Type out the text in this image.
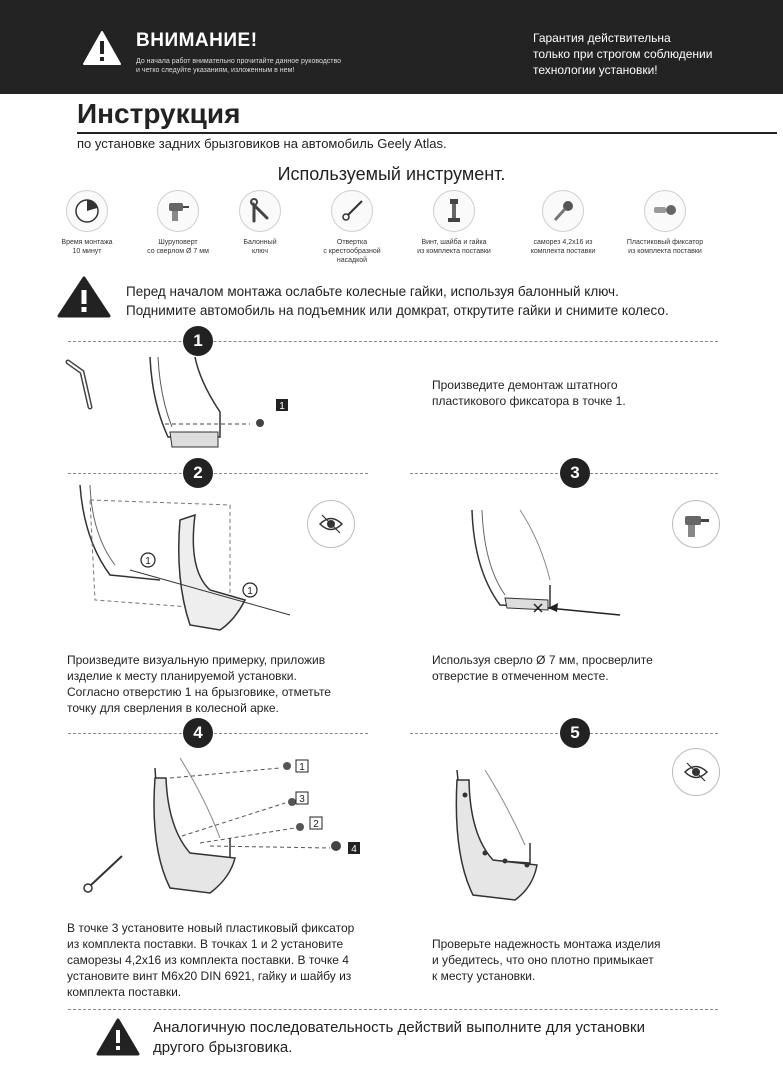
ВНИМАНИЕ!
До начала работ внимательно прочитайте данное руководство
и четко следуйте указаниям, изложенным в нем!
Гарантия действительна
только при строгом соблюдении
технологии установки!
Инструкция
по установке задних брызговиков на автомобиль Geely Atlas.
Используемый инструмент.
Время монтажа
10 минут
Шуруповерт
со сверлом Ø 7 мм
Балонный
ключ
Отвертка
с крестообразной
насадкой
Винт, шайба и гайка
из комплекта поставки
саморез 4,2х16 из
комплекта поставки
Пластиковый фиксатор
из комплекта поставки
Перед началом монтажа ослабьте колесные гайки, используя балонный ключ.
Поднимите автомобиль на подъемник или домкрат, открутите гайки и снимите колесо.
1
1
Произведите демонтаж штатного
пластикового фиксатора в точке 1.
2	3
1
1
Произведите визуальную примерку, приложив
изделие к месту планируемой установки.
Согласно отверстию 1 на брызговике, отметьте
точку для сверления в колесной арке.
Используя сверло Ø 7 мм, просверлите
отверстие в отмеченном месте.
4	5
1
3
2
4
В точке 3 установите новый пластиковый фиксатор
из комплекта поставки. В точках 1 и 2 установите
саморезы 4,2х16 из комплекта поставки. В точке 4
установите винт М6х20 DIN 6921, гайку и шайбу из
комплекта поставки.
Проверьте надежность монтажа изделия
и убедитесь, что оно плотно примыкает
к месту установки.
Аналогичную последовательность действий выполните для установки
другого брызговика.
